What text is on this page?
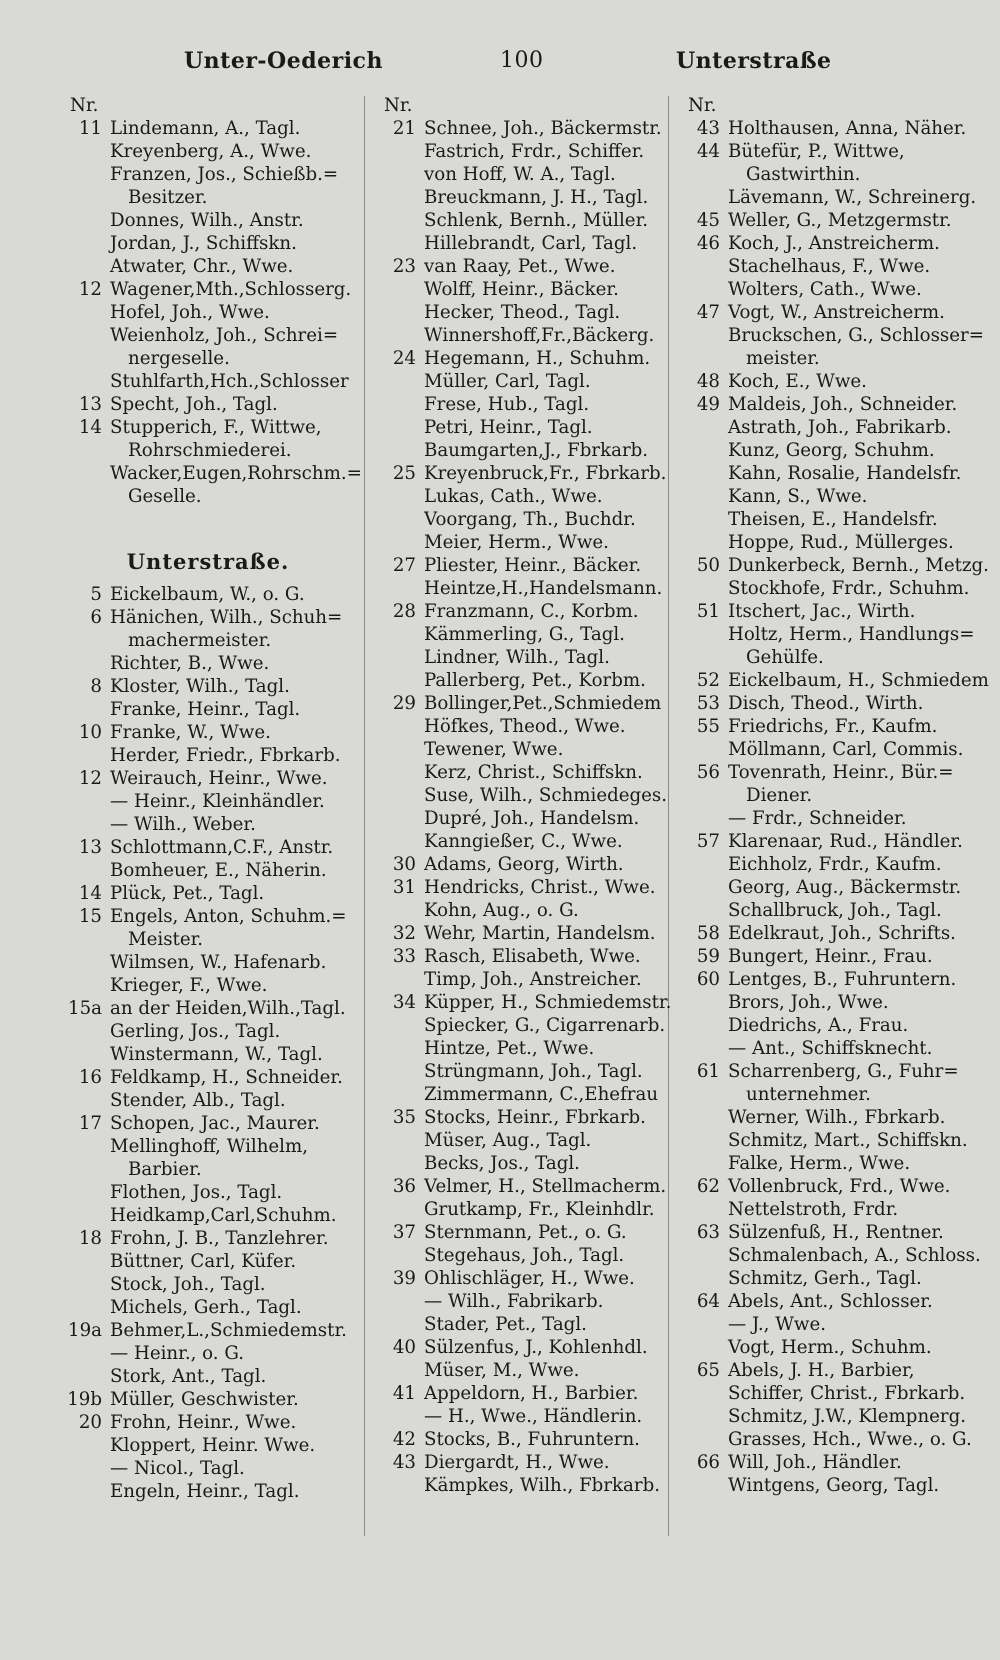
Unter-Oederich	100	Unterstraße
Nr.
11 Lindemann, A., Tagl.
Kreyenberg, A., Wwe.
Franzen, Jos., Schießb.=
Besitzer.
Donnes, Wilh., Anstr.
Jordan, J., Schiffskn.
Atwater, Chr., Wwe.
12 Wagener,Mth.,Schlosserg.
Hofel, Joh., Wwe.
Weienholz, Joh., Schrei=
nergeselle.
Stuhlfarth,Hch.,Schlosser
13 Specht, Joh., Tagl.
14 Stupperich, F., Wittwe,
Rohrschmiederei.
Wacker,Eugen,Rohrschm.=
Geselle.
Unterstraße.
5 Eickelbaum, W., o. G.
6 Hänichen, Wilh., Schuh=
machermeister.
Richter, B., Wwe.
8 Kloster, Wilh., Tagl.
Franke, Heinr., Tagl.
10 Franke, W., Wwe.
Herder, Friedr., Fbrkarb.
12 Weirauch, Heinr., Wwe.
— Heinr., Kleinhändler.
— Wilh., Weber.
13 Schlottmann,C.F., Anstr.
Bomheuer, E., Näherin.
14 Plück, Pet., Tagl.
15 Engels, Anton, Schuhm.=
Meister.
Wilmsen, W., Hafenarb.
Krieger, F., Wwe.
15a an der Heiden,Wilh.,Tagl.
Gerling, Jos., Tagl.
Winstermann, W., Tagl.
16 Feldkamp, H., Schneider.
Stender, Alb., Tagl.
17 Schopen, Jac., Maurer.
Mellinghoff, Wilhelm,
Barbier.
Flothen, Jos., Tagl.
Heidkamp,Carl,Schuhm.
18 Frohn, J. B., Tanzlehrer.
Büttner, Carl, Küfer.
Stock, Joh., Tagl.
Michels, Gerh., Tagl.
19a Behmer,L.,Schmiedemstr.
— Heinr., o. G.
Stork, Ant., Tagl.
19b Müller, Geschwister.
20 Frohn, Heinr., Wwe.
Kloppert, Heinr. Wwe.
— Nicol., Tagl.
Engeln, Heinr., Tagl.
Nr.
21 Schnee, Joh., Bäckermstr.
Fastrich, Frdr., Schiffer.
von Hoff, W. A., Tagl.
Breuckmann, J. H., Tagl.
Schlenk, Bernh., Müller.
Hillebrandt, Carl, Tagl.
23 van Raay, Pet., Wwe.
Wolff, Heinr., Bäcker.
Hecker, Theod., Tagl.
Winnershoff,Fr.,Bäckerg.
24 Hegemann, H., Schuhm.
Müller, Carl, Tagl.
Frese, Hub., Tagl.
Petri, Heinr., Tagl.
Baumgarten,J., Fbrkarb.
25 Kreyenbruck,Fr., Fbrkarb.
Lukas, Cath., Wwe.
Voorgang, Th., Buchdr.
Meier, Herm., Wwe.
27 Pliester, Heinr., Bäcker.
Heintze,H.,Handelsmann.
28 Franzmann, C., Korbm.
Kämmerling, G., Tagl.
Lindner, Wilh., Tagl.
Pallerberg, Pet., Korbm.
29 Bollinger,Pet.,Schmiedem
Höfkes, Theod., Wwe.
Tewener, Wwe.
Kerz, Christ., Schiffskn.
Suse, Wilh., Schmiedeges.
Dupré, Joh., Handelsm.
Kanngießer, C., Wwe.
30 Adams, Georg, Wirth.
31 Hendricks, Christ., Wwe.
Kohn, Aug., o. G.
32 Wehr, Martin, Handelsm.
33 Rasch, Elisabeth, Wwe.
Timp, Joh., Anstreicher.
34 Küpper, H., Schmiedemstr.
Spiecker, G., Cigarrenarb.
Hintze, Pet., Wwe.
Strüngmann, Joh., Tagl.
Zimmermann, C.,Ehefrau
35 Stocks, Heinr., Fbrkarb.
Müser, Aug., Tagl.
Becks, Jos., Tagl.
36 Velmer, H., Stellmacherm.
Grutkamp, Fr., Kleinhdlr.
37 Sternmann, Pet., o. G.
Stegehaus, Joh., Tagl.
39 Ohlischläger, H., Wwe.
— Wilh., Fabrikarb.
Stader, Pet., Tagl.
40 Sülzenfus, J., Kohlenhdl.
Müser, M., Wwe.
41 Appeldorn, H., Barbier.
— H., Wwe., Händlerin.
42 Stocks, B., Fuhruntern.
43 Diergardt, H., Wwe.
Kämpkes, Wilh., Fbrkarb.
Nr.
43 Holthausen, Anna, Näher.
44 Bütefür, P., Wittwe,
Gastwirthin.
Lävemann, W., Schreinerg.
45 Weller, G., Metzgermstr.
46 Koch, J., Anstreicherm.
Stachelhaus, F., Wwe.
Wolters, Cath., Wwe.
47 Vogt, W., Anstreicherm.
Bruckschen, G., Schlosser=
meister.
48 Koch, E., Wwe.
49 Maldeis, Joh., Schneider.
Astrath, Joh., Fabrikarb.
Kunz, Georg, Schuhm.
Kahn, Rosalie, Handelsfr.
Kann, S., Wwe.
Theisen, E., Handelsfr.
Hoppe, Rud., Müllerges.
50 Dunkerbeck, Bernh., Metzg.
Stockhofe, Frdr., Schuhm.
51 Itschert, Jac., Wirth.
Holtz, Herm., Handlungs=
Gehülfe.
52 Eickelbaum, H., Schmiedem
53 Disch, Theod., Wirth.
55 Friedrichs, Fr., Kaufm.
Möllmann, Carl, Commis.
56 Tovenrath, Heinr., Bür.=
Diener.
— Frdr., Schneider.
57 Klarenaar, Rud., Händler.
Eichholz, Frdr., Kaufm.
Georg, Aug., Bäckermstr.
Schallbruck, Joh., Tagl.
58 Edelkraut, Joh., Schrifts.
59 Bungert, Heinr., Frau.
60 Lentges, B., Fuhruntern.
Brors, Joh., Wwe.
Diedrichs, A., Frau.
— Ant., Schiffsknecht.
61 Scharrenberg, G., Fuhr=
unternehmer.
Werner, Wilh., Fbrkarb.
Schmitz, Mart., Schiffskn.
Falke, Herm., Wwe.
62 Vollenbruck, Frd., Wwe.
Nettelstroth, Frdr.
63 Sülzenfuß, H., Rentner.
Schmalenbach, A., Schloss.
Schmitz, Gerh., Tagl.
64 Abels, Ant., Schlosser.
— J., Wwe.
Vogt, Herm., Schuhm.
65 Abels, J. H., Barbier,
Schiffer, Christ., Fbrkarb.
Schmitz, J.W., Klempnerg.
Grasses, Hch., Wwe., o. G.
66 Will, Joh., Händler.
Wintgens, Georg, Tagl.
